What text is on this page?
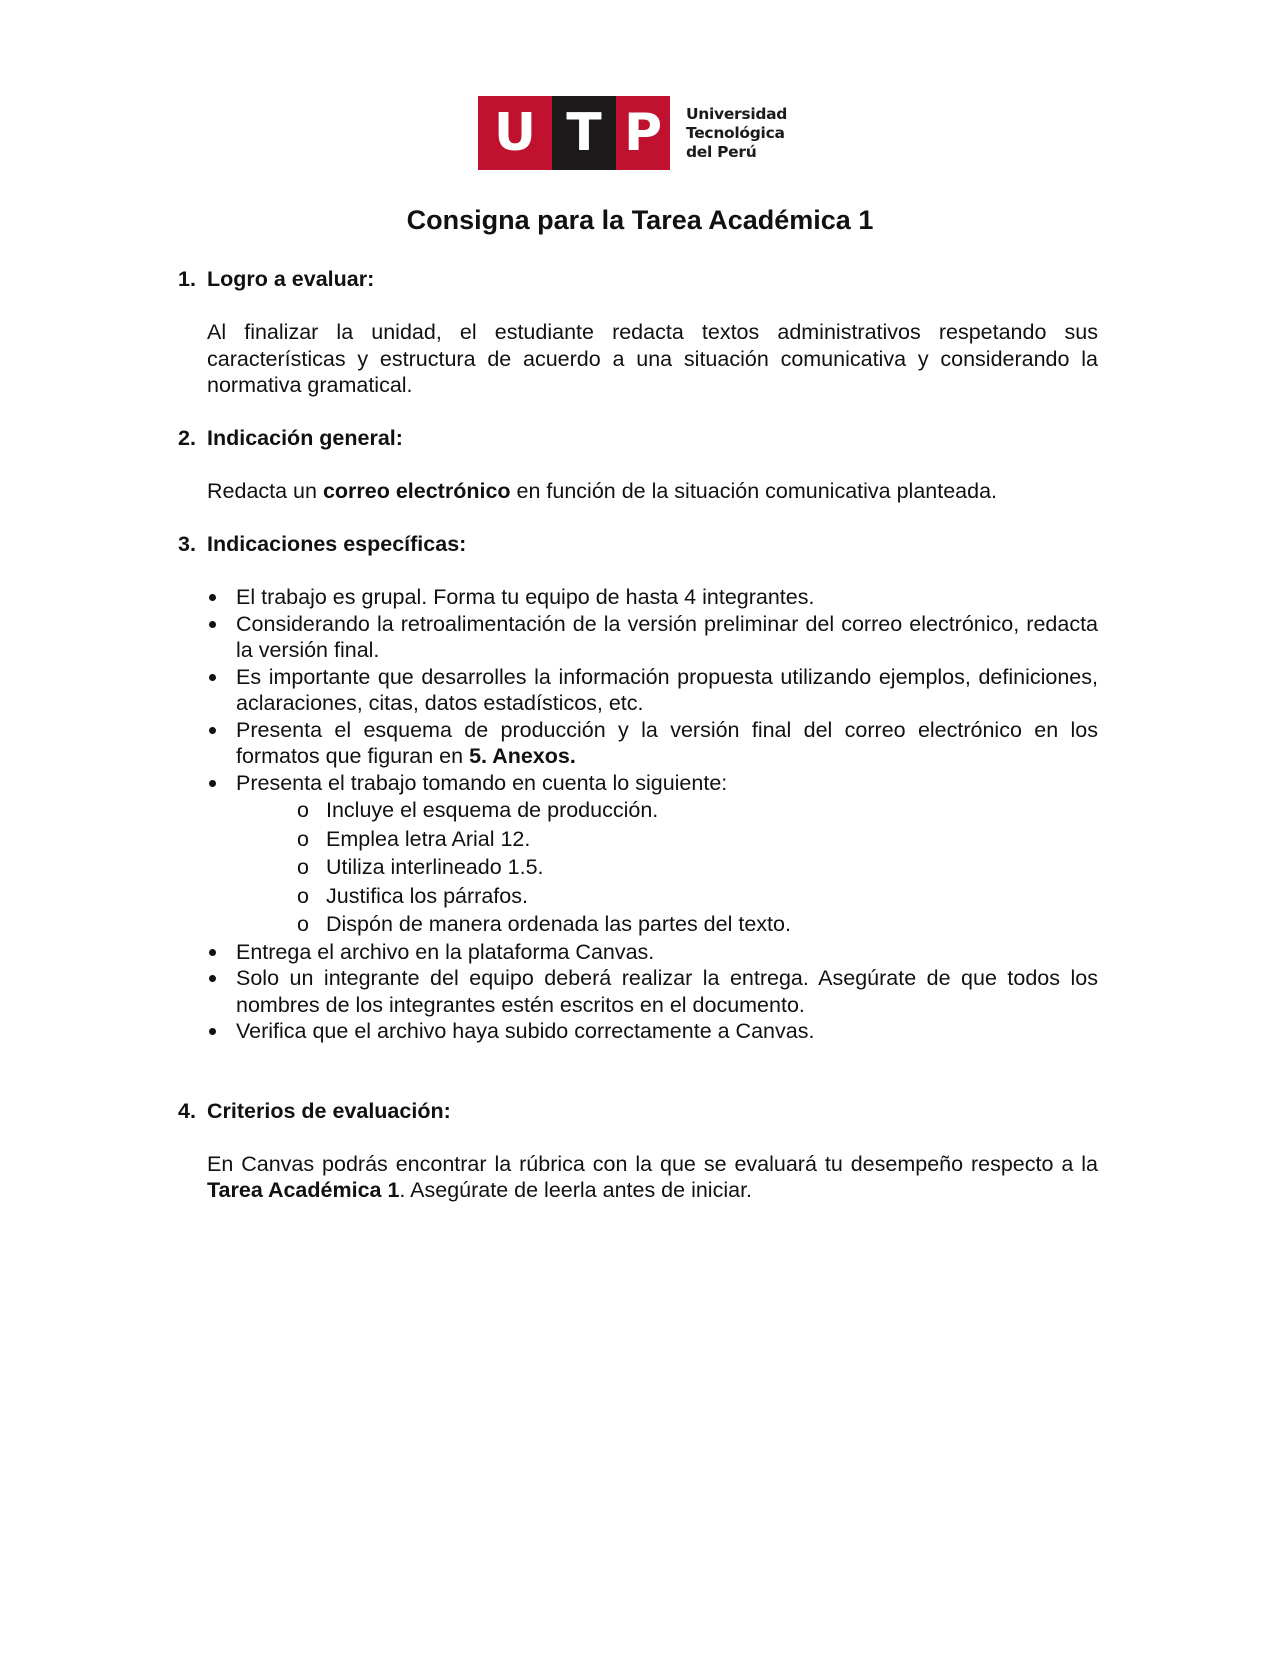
U T P	Universidad
Tecnológica
del Perú
Consigna para la Tarea Académica 1
1. Logro a evaluar:
Al finalizar la unidad, el estudiante redacta textos administrativos respetando sus características y estructura de acuerdo a una situación comunicativa y considerando la normativa gramatical.
2. Indicación general:
Redacta un correo electrónico en función de la situación comunicativa planteada.
3. Indicaciones específicas:
El trabajo es grupal. Forma tu equipo de hasta 4 integrantes.
Considerando la retroalimentación de la versión preliminar del correo electrónico, redacta la versión final.
Es importante que desarrolles la información propuesta utilizando ejemplos, definiciones, aclaraciones, citas, datos estadísticos, etc.
Presenta el esquema de producción y la versión final del correo electrónico en los formatos que figuran en 5. Anexos.
Presenta el trabajo tomando en cuenta lo siguiente:
o Incluye el esquema de producción.
o Emplea letra Arial 12.
o Utiliza interlineado 1.5.
o Justifica los párrafos.
o Dispón de manera ordenada las partes del texto.
Entrega el archivo en la plataforma Canvas.
Solo un integrante del equipo deberá realizar la entrega. Asegúrate de que todos los nombres de los integrantes estén escritos en el documento.
Verifica que el archivo haya subido correctamente a Canvas.
4. Criterios de evaluación:
En Canvas podrás encontrar la rúbrica con la que se evaluará tu desempeño respecto a la Tarea Académica 1. Asegúrate de leerla antes de iniciar.
